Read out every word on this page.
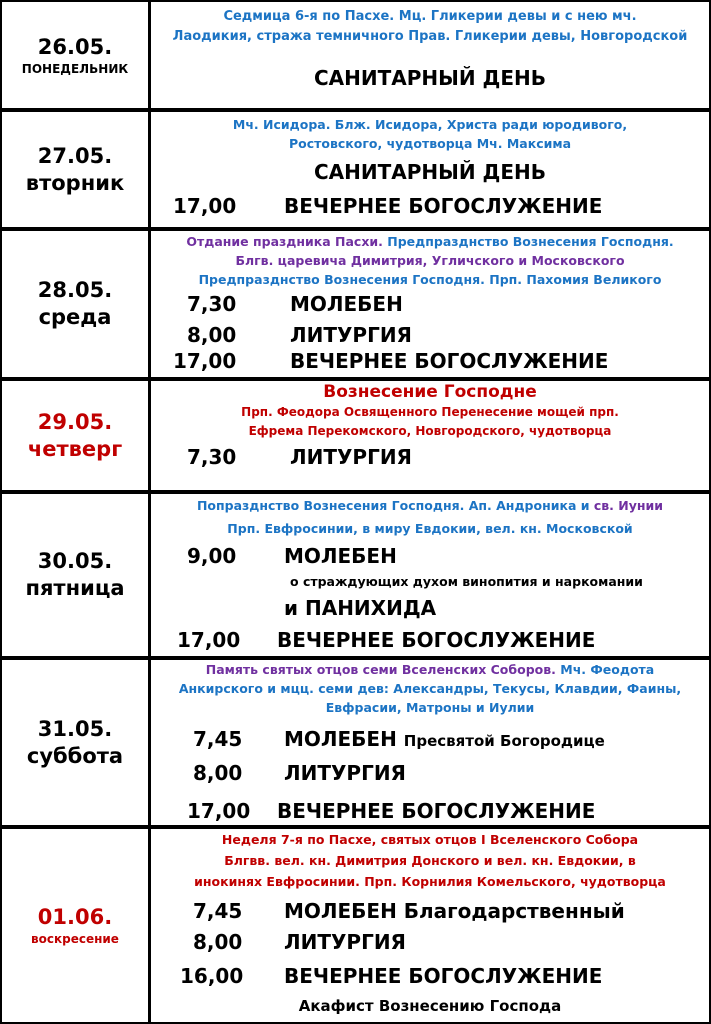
26.05.
ПОНЕДЕЛЬНИК
Седмица 6-я по Пасхе. Мц. Гликерии девы и с нею мч.
Лаодикия, стража темничного Прав. Гликерии девы, Новгородской
САНИТАРНЫЙ ДЕНЬ
27.05.
вторник
Мч. Исидора. Блж. Исидора, Христа ради юродивого,
Ростовского, чудотворца Мч. Максима
САНИТАРНЫЙ ДЕНЬ
17,00 ВЕЧЕРНЕЕ БОГОСЛУЖЕНИЕ
28.05.
среда
Отдание праздника Пасхи. Предпразднство Вознесения Господня.
Блгв. царевича Димитрия, Угличского и Московского
Предпразднство Вознесения Господня. Прп. Пахомия Великого
7,30	МОЛЕБЕН
8,00	ЛИТУРГИЯ
17,00	ВЕЧЕРНЕЕ БОГОСЛУЖЕНИЕ
29.05.
четверг
Вознесение Господне
Прп. Феодора Освященного Перенесение мощей прп.
Ефрема Перекомского, Новгородского, чудотворца
7,30	ЛИТУРГИЯ
30.05.
пятница
Попразднство Вознесения Господня. Ап. Андроника и св. Иунии
Прп. Евфросинии, в миру Евдокии, вел. кн. Московской
9,00 МОЛЕБЕН
о страждующих духом винопития и наркомании
и ПАНИХИДА
17,00 ВЕЧЕРНЕЕ БОГОСЛУЖЕНИЕ
31.05.
суббота
Память святых отцов семи Вселенских Соборов. Мч. Феодота
Анкирского и мцц. семи дев: Александры, Текусы, Клавдии, Фаины,
Евфрасии, Матроны и Иулии
7,45 МОЛЕБЕН Пресвятой Богородице
8,00 ЛИТУРГИЯ
17,00 ВЕЧЕРНЕЕ БОГОСЛУЖЕНИЕ
01.06.
воскресение
Неделя 7-я по Пасхе, святых отцов I Вселенского Собора
Блгвв. вел. кн. Димитрия Донского и вел. кн. Евдокии, в
инокинях Евфросинии. Прп. Корнилия Комельского, чудотворца
7,45 МОЛЕБЕН Благодарственный
8,00 ЛИТУРГИЯ
16,00 ВЕЧЕРНЕЕ БОГОСЛУЖЕНИЕ
Акафист Вознесению Господа
